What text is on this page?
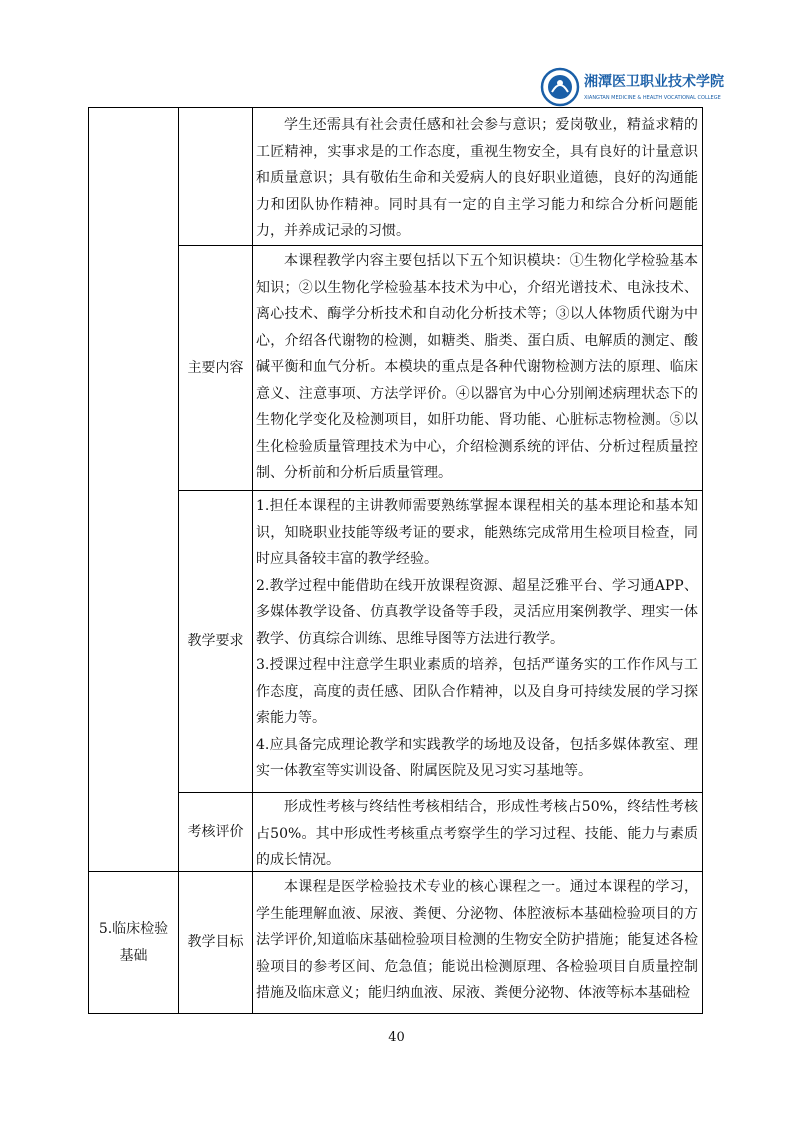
湘潭医卫职业技术学院
XIANGTAN MEDICINE & HEALTH VOCATIONAL COLLEGE

学生还需具有社会责任感和社会参与意识；爱岗敬业，精益求精的工匠精神，实事求是的工作态度，重视生物安全，具有良好的计量意识和质量意识；具有敬佑生命和关爱病人的良好职业道德，良好的沟通能力和团队协作精神。同时具有一定的自主学习能力和综合分析问题能力，并养成记录的习惯。

主要内容

本课程教学内容主要包括以下五个知识模块：①生物化学检验基本知识；②以生物化学检验基本技术为中心，介绍光谱技术、电泳技术、离心技术、酶学分析技术和自动化分析技术等；③以人体物质代谢为中心，介绍各代谢物的检测，如糖类、脂类、蛋白质、电解质的测定、酸碱平衡和血气分析。本模块的重点是各种代谢物检测方法的原理、临床意义、注意事项、方法学评价。④以器官为中心分别阐述病理状态下的生物化学变化及检测项目，如肝功能、肾功能、心脏标志物检测。⑤以生化检验质量管理技术为中心，介绍检测系统的评估、分析过程质量控制、分析前和分析后质量管理。

教学要求

1.担任本课程的主讲教师需要熟练掌握本课程相关的基本理论和基本知识，知晓职业技能等级考证的要求，能熟练完成常用生检项目检查，同时应具备较丰富的教学经验。

2.教学过程中能借助在线开放课程资源、超星泛雅平台、学习通APP、多媒体教学设备、仿真教学设备等手段，灵活应用案例教学、理实一体教学、仿真综合训练、思维导图等方法进行教学。

3.授课过程中注意学生职业素质的培养，包括严谨务实的工作作风与工作态度，高度的责任感、团队合作精神，以及自身可持续发展的学习探索能力等。

4.应具备完成理论教学和实践教学的场地及设备，包括多媒体教室、理实一体教室等实训设备、附属医院及见习实习基地等。

考核评价

形成性考核与终结性考核相结合，形成性考核占50%，终结性考核占50%。其中形成性考核重点考察学生的学习过程、技能、能力与素质的成长情况。

5.临床检验基础
教学目标

本课程是医学检验技术专业的核心课程之一。通过本课程的学习，学生能理解血液、尿液、粪便、分泌物、体腔液标本基础检验项目的方法学评价,知道临床基础检验项目检测的生物安全防护措施；能复述各检验项目的参考区间、危急值；能说出检测原理、各检验项目自质量控制措施及临床意义；能归纳血液、尿液、粪便分泌物、体液等标本基础检

40
